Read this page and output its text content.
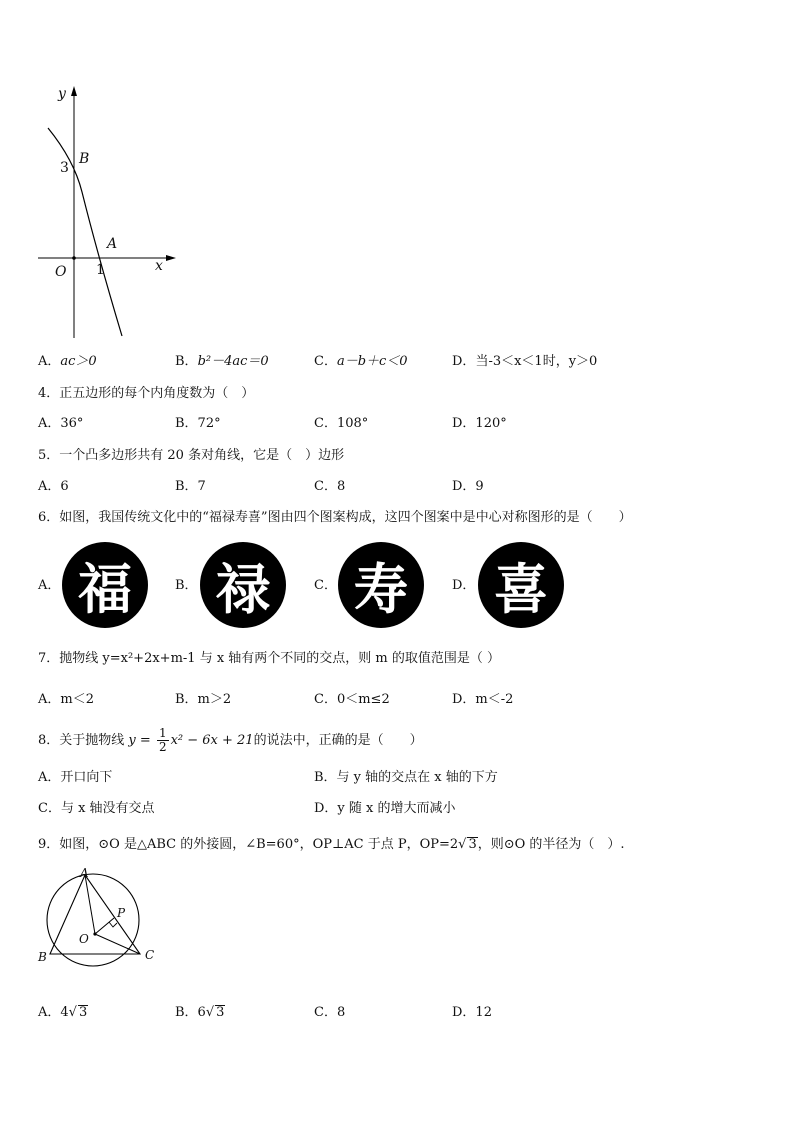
y
x
O
3
B
A
1
A．ac＞0	B．b²－4ac＝0	C．a－b＋c＜0	D．当-3＜x＜1时，y＞0
4．正五边形的每个内角度数为（　）
A．36°	B．72°	C．108°	D．120°
5．一个凸多边形共有 20 条对角线，它是（　）边形
A．6	B．7	C．8	D．9
6．如图，我国传统文化中的“福禄寿喜”图由四个图案构成，这四个图案中是中心对称图形的是（　　）
A． 福	B． 禄	C． 寿	D． 喜
7．抛物线 y=x²+2x+m-1 与 x 轴有两个不同的交点，则 m 的取值范围是（ ）
A．m＜2	B．m＞2	C．0＜m≤2	D．m＜-2
8．关于抛物线 $y = \frac{1}{2} x^2 - 6x + 21$的说法中，正确的是（　　）
A．开口向下	B．与 y 轴的交点在 x 轴的下方
C．与 x 轴没有交点	D．y 随 x 的增大而减小
9．如图，⊙O 是△ABC 的外接圆，∠B=60°，OP⊥AC 于点 P，OP=2√ 3，则⊙O 的半径为（　）.
A
P
O
B	C
A．4√ 3	B．6√ 3	C．8	D．12
